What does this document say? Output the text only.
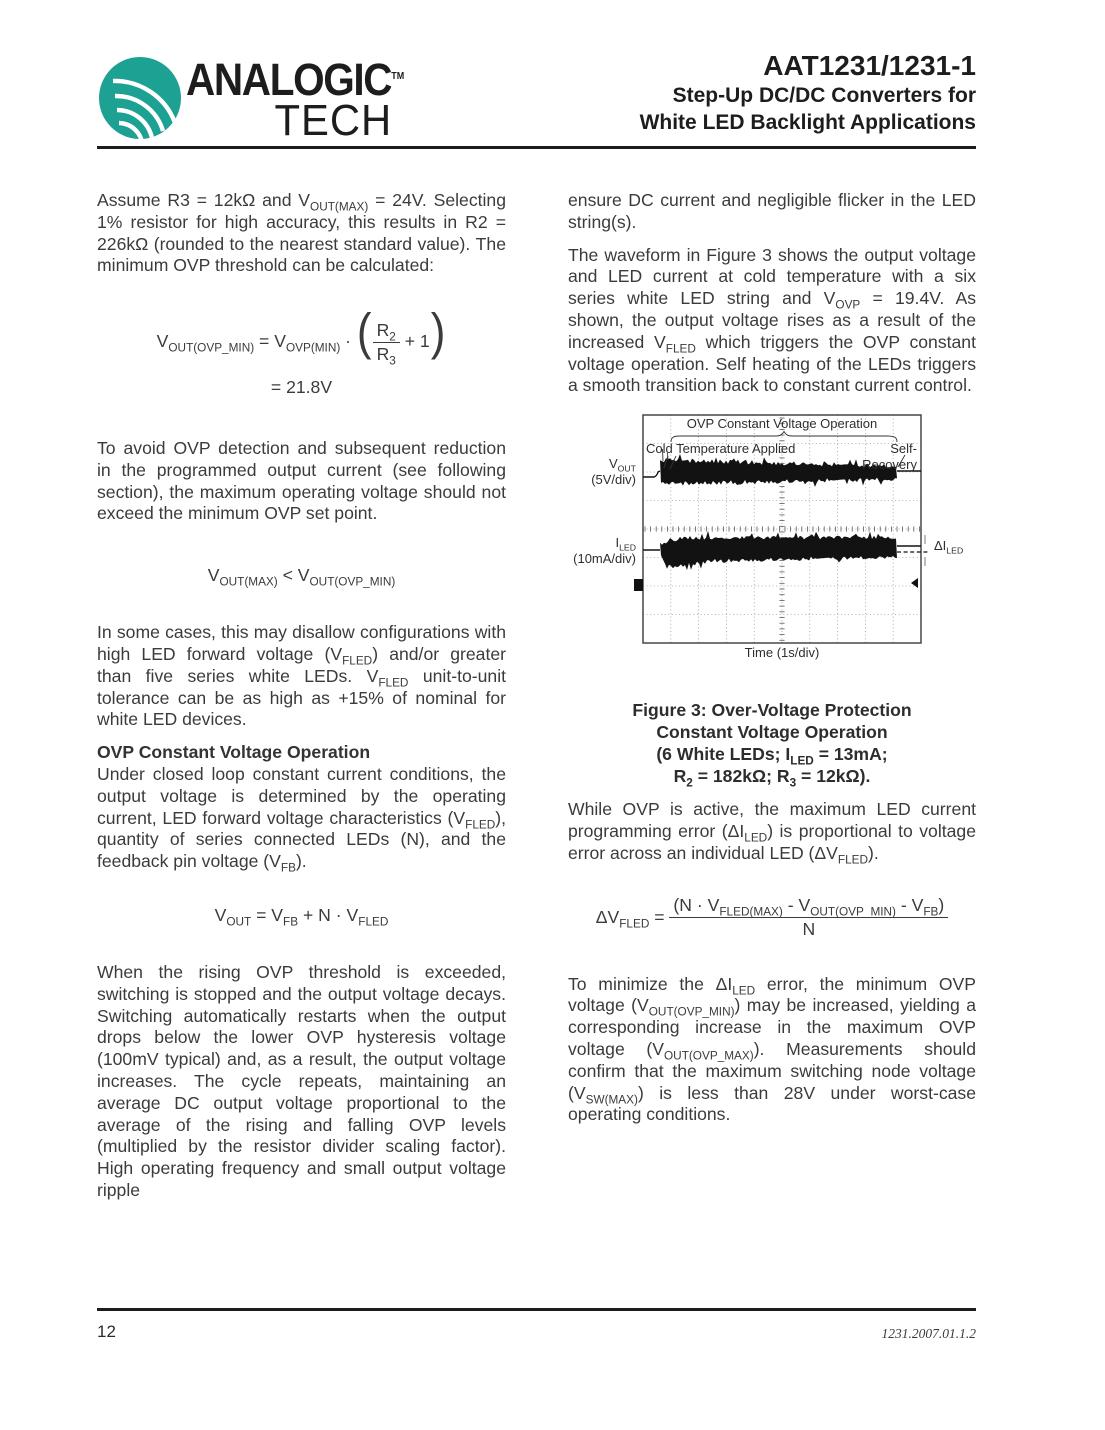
ANALOGIC™
TECH
AAT1231/1231-1
Step-Up DC/DC Converters for
White LED Backlight Applications

Assume R3 = 12kΩ and $V_{OUT(MAX)} = 24V$. Selecting 1% resistor for high accuracy, this results in R2 = 226kΩ (rounded to the nearest standard value). The minimum OVP threshold can be calculated:

$V_{OUT(OVP\_MIN)} = V_{OVP(MIN)}$ · ( $\frac{R_2}{R_3} + 1$)
= 21.8V

To avoid OVP detection and subsequent reduction in the programmed output current (see following section), the maximum operating voltage should not exceed the minimum OVP set point.

$V_{OUT(MAX)} < V_{OUT(OVP\_MIN)}$

In some cases, this may disallow configurations with high LED forward voltage $(V_{FLED})$ and/or greater than five series white LEDs. $V_{FLED}$ unit-to-unit tolerance can be as high as +15% of nominal for white LED devices.

OVP Constant Voltage Operation

Under closed loop constant current conditions, the output voltage is determined by the operating current, LED forward voltage characteristics $(V_{FLED})$, quantity of series connected LEDs (N), and the feedback pin voltage $(V_{FB})$.

$V_{OUT} = V_{FB} + N \cdot V_{FLED}$

When the rising OVP threshold is exceeded, switching is stopped and the output voltage decays. Switching automatically restarts when the output drops below the lower OVP hysteresis voltage (100mV typical) and, as a result, the output voltage increases. The cycle repeats, maintaining an average DC output voltage proportional to the average of the rising and falling OVP levels (multiplied by the resistor divider scaling factor). High operating frequency and small output voltage ripple

ensure DC current and negligible flicker in the LED string(s).

The waveform in Figure 3 shows the output voltage and LED current at cold temperature with a six series white LED string and $V_{OVP} = 19.4V$. As shown, the output voltage rises as a result of the increased $V_{FLED}$ which triggers the OVP constant voltage operation. Self heating of the LEDs triggers a smooth transition back to constant current control.

OVP Constant Voltage Operation
Cold Temperature Applied	Self-Recovery
$V_{OUT}$
(5V/div)
$I_{LED}$
(10mA/div)
$\Delta I_{LED}$
Time (1s/div)
Figure 3: Over-Voltage Protection
Constant Voltage Operation
(6 White LEDs; $I_{LED} = 13mA$;
$R_2 = 182k\Omega$; $R_3 = 12k\Omega$).

While OVP is active, the maximum LED current programming error $(\Delta I_{LED})$ is proportional to voltage error across an individual LED $(\Delta V_{FLED})$.

$\Delta V_{FLED} = \frac{(N \cdot V_{FLED(MAX)} - V_{OUT(OVP\_MIN)} - V_{FB})}{N}$

To minimize the $\Delta I_{LED}$ error, the minimum OVP voltage $(V_{OUT(OVP\_MIN)})$ may be increased, yielding a corresponding increase in the maximum OVP voltage $(V_{OUT(OVP\_MAX)})$. Measurements should confirm that the maximum switching node voltage $(V_{SW(MAX)})$ is less than 28V under worst-case operating conditions.

12	1231.2007.01.1.2
